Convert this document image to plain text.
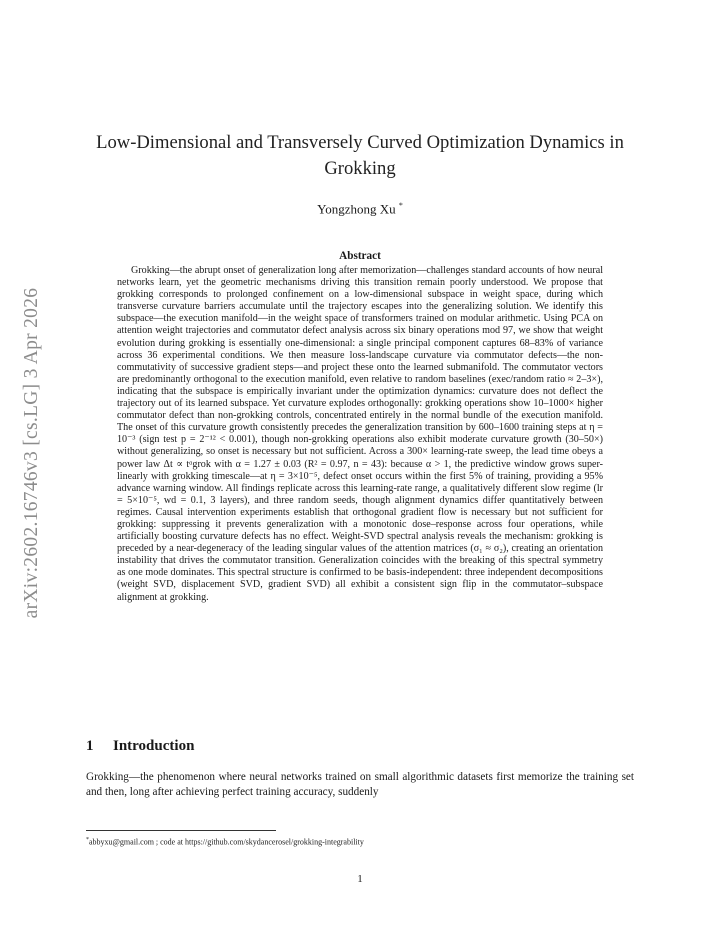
arXiv:2602.16746v3 [cs.LG] 3 Apr 2026
Low-Dimensional and Transversely Curved Optimization Dynamics in Grokking
Yongzhong Xu *
Abstract

Grokking—the abrupt onset of generalization long after memorization—challenges standard accounts of how neural networks learn, yet the geometric mechanisms driving this transition remain poorly understood. We propose that grokking corresponds to prolonged confinement on a low-dimensional subspace in weight space, during which transverse curvature barriers accumulate until the trajectory escapes into the generalizing solution. We identify this subspace—the execution manifold—in the weight space of transformers trained on modular arithmetic. Using PCA on attention weight trajectories and commutator defect analysis across six binary operations mod 97, we show that weight evolution during grokking is essentially one-dimensional: a single principal component captures 68–83% of variance across 36 experimental conditions. We then measure loss-landscape curvature via commutator defects—the non-commutativity of successive gradient steps—and project these onto the learned submanifold. The commutator vectors are predominantly orthogonal to the execution manifold, even relative to random baselines (exec/random ratio ≈ 2–3×), indicating that the subspace is empirically invariant under the optimization dynamics: curvature does not deflect the trajectory out of its learned subspace. Yet curvature explodes orthogonally: grokking operations show 10–1000× higher commutator defect than non-grokking controls, concentrated entirely in the normal bundle of the execution manifold. The onset of this curvature growth consistently precedes the generalization transition by 600–1600 training steps at η = 10⁻³ (sign test p = 2⁻¹² < 0.001), though non-grokking operations also exhibit moderate curvature growth (30–50×) without generalizing, so onset is necessary but not sufficient. Across a 300× learning-rate sweep, the lead time obeys a power law Δt ∝ tᵅgrok with α = 1.27 ± 0.03 (R² = 0.97, n = 43): because α > 1, the predictive window grows super-linearly with grokking timescale—at η = 3×10⁻⁵, defect onset occurs within the first 5% of training, providing a 95% advance warning window. All findings replicate across this learning-rate range, a qualitatively different slow regime (lr = 5×10⁻⁵, wd = 0.1, 3 layers), and three random seeds, though alignment dynamics differ quantitatively between regimes. Causal intervention experiments establish that orthogonal gradient flow is necessary but not sufficient for grokking: suppressing it prevents generalization with a monotonic dose–response across four operations, while artificially boosting curvature defects has no effect. Weight-SVD spectral analysis reveals the mechanism: grokking is preceded by a near-degeneracy of the leading singular values of the attention matrices (σ₁ ≈ σ₂), creating an orientation instability that drives the commutator transition. Generalization coincides with the breaking of this spectral symmetry as one mode dominates. This spectral structure is confirmed to be basis-independent: three independent decompositions (weight SVD, displacement SVD, gradient SVD) all exhibit a consistent sign flip in the commutator–subspace alignment at grokking.

1 Introduction

Grokking—the phenomenon where neural networks trained on small algorithmic datasets first memorize the training set and then, long after achieving perfect training accuracy, suddenly

*abbyxu@gmail.com ; code at https://github.com/skydancerosel/grokking-integrability
1
